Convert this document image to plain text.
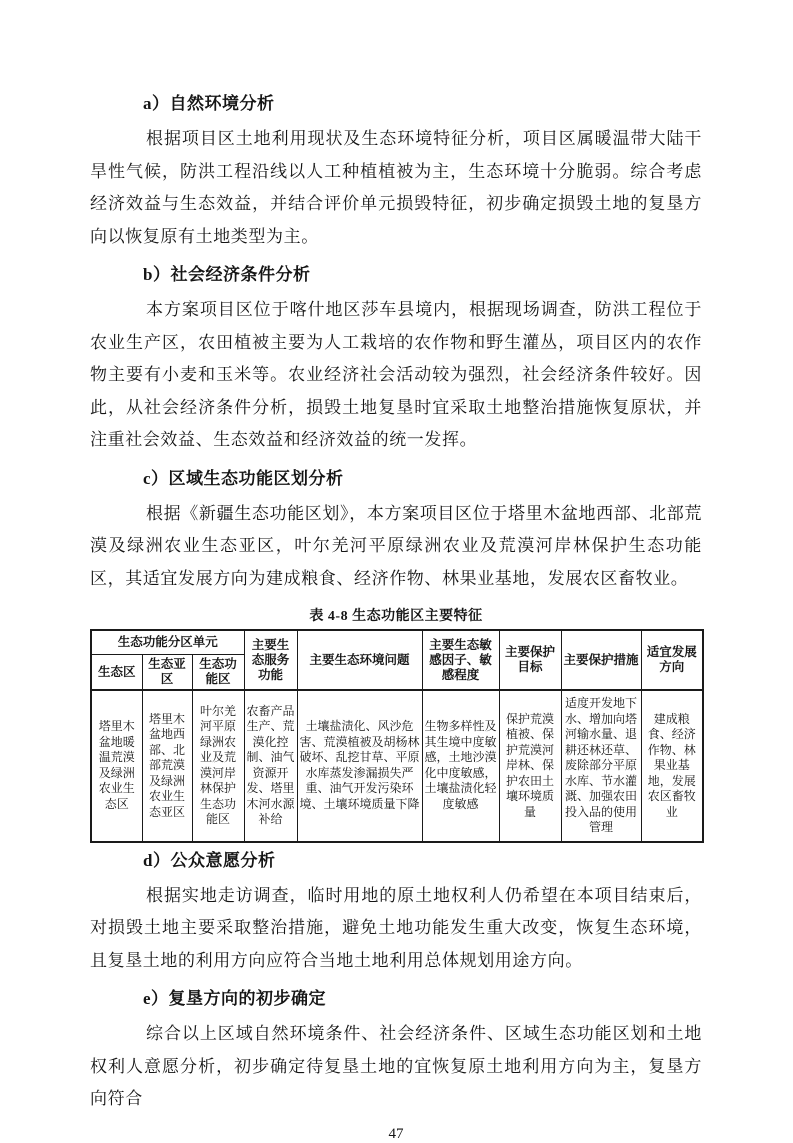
a）自然环境分析

根据项目区土地利用现状及生态环境特征分析，项目区属暖温带大陆干旱性气候，防洪工程沿线以人工种植植被为主，生态环境十分脆弱。综合考虑经济效益与生态效益，并结合评价单元损毁特征，初步确定损毁土地的复垦方向以恢复原有土地类型为主。

b）社会经济条件分析

本方案项目区位于喀什地区莎车县境内，根据现场调查，防洪工程位于农业生产区，农田植被主要为人工栽培的农作物和野生灌丛，项目区内的农作物主要有小麦和玉米等。农业经济社会活动较为强烈，社会经济条件较好。因此，从社会经济条件分析，损毁土地复垦时宜采取土地整治措施恢复原状，并注重社会效益、生态效益和经济效益的统一发挥。

c）区域生态功能区划分析

根据《新疆生态功能区划》，本方案项目区位于塔里木盆地西部、北部荒漠及绿洲农业生态亚区，叶尔羌河平原绿洲农业及荒漠河岸林保护生态功能区，其适宜发展方向为建成粮食、经济作物、林果业基地，发展农区畜牧业。

表 4-8 生态功能区主要特征
生态功能分区单元			主要生态服务功能	主要生态环境问题	主要生态敏感因子、敏感程度	主要保护目标	主要保护措施	适宜发展方向
生态区	生态亚区	生态功能区						
塔里木盆地暖温荒漠及绿洲农业生态区	塔里木盆地西部、北部荒漠及绿洲农业生态亚区	叶尔羌河平原绿洲农业及荒漠河岸林保护生态功能区	农畜产品生产、荒漠化控制、油气资源开发、塔里木河水源补给	土壤盐渍化、风沙危害、荒漠植被及胡杨林破坏、乱挖甘草、平原水库蒸发渗漏损失严重、油气开发污染环境、土壤环境质量下降	生物多样性及其生境中度敏感，土地沙漠化中度敏感，土壤盐渍化轻度敏感	保护荒漠植被、保护荒漠河岸林、保护农田土壤环境质量	适度开发地下水、增加向塔河输水量、退耕还林还草、废除部分平原水库、节水灌溉、加强农田投入品的使用管理	建成粮食、经济作物、林果业基地，发展农区畜牧业
d）公众意愿分析

根据实地走访调查，临时用地的原土地权利人仍希望在本项目结束后，对损毁土地主要采取整治措施，避免土地功能发生重大改变，恢复生态环境，且复垦土地的利用方向应符合当地土地利用总体规划用途方向。

e）复垦方向的初步确定

综合以上区域自然环境条件、社会经济条件、区域生态功能区划和土地权利人意愿分析，初步确定待复垦土地的宜恢复原土地利用方向为主，复垦方向符合

47
